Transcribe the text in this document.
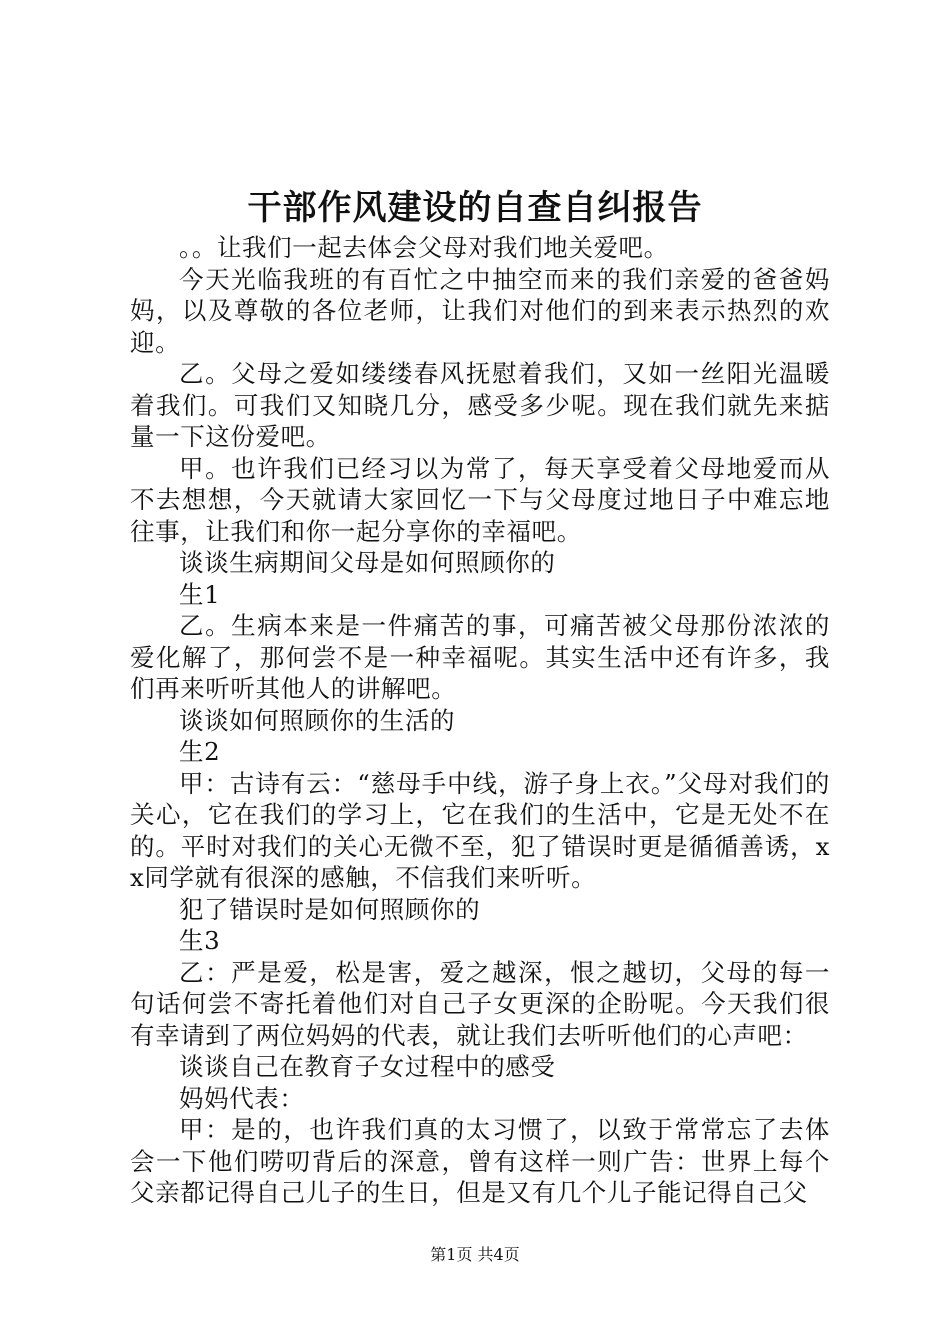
干部作风建设的自查自纠报告

。。让我们一起去体会父母对我们地关爱吧。

今天光临我班的有百忙之中抽空而来的我们亲爱的爸爸妈妈，以及尊敬的各位老师，让我们对他们的到来表示热烈的欢迎。

乙。父母之爱如缕缕春风抚慰着我们，又如一丝阳光温暖着我们。可我们又知晓几分，感受多少呢。现在我们就先来掂量一下这份爱吧。

甲。也许我们已经习以为常了，每天享受着父母地爱而从不去想想，今天就请大家回忆一下与父母度过地日子中难忘地往事，让我们和你一起分享你的幸福吧。

谈谈生病期间父母是如何照顾你的

生1

乙。生病本来是一件痛苦的事，可痛苦被父母那份浓浓的爱化解了，那何尝不是一种幸福呢。其实生活中还有许多，我们再来听听其他人的讲解吧。

谈谈如何照顾你的生活的

生2

甲：古诗有云：“慈母手中线，游子身上衣。”父母对我们的关心，它在我们的学习上，它在我们的生活中，它是无处不在的。平时对我们的关心无微不至，犯了错误时更是循循善诱，xx同学就有很深的感触，不信我们来听听。

犯了错误时是如何照顾你的

生3

乙：严是爱，松是害，爱之越深，恨之越切，父母的每一句话何尝不寄托着他们对自己子女更深的企盼呢。今天我们很有幸请到了两位妈妈的代表，就让我们去听听他们的心声吧：

谈谈自己在教育子女过程中的感受

妈妈代表：

甲：是的，也许我们真的太习惯了，以致于常常忘了去体会一下他们唠叨背后的深意，曾有这样一则广告：世界上每个父亲都记得自己儿子的生日，但是又有几个儿子能记得自己父

第1页 共4页
